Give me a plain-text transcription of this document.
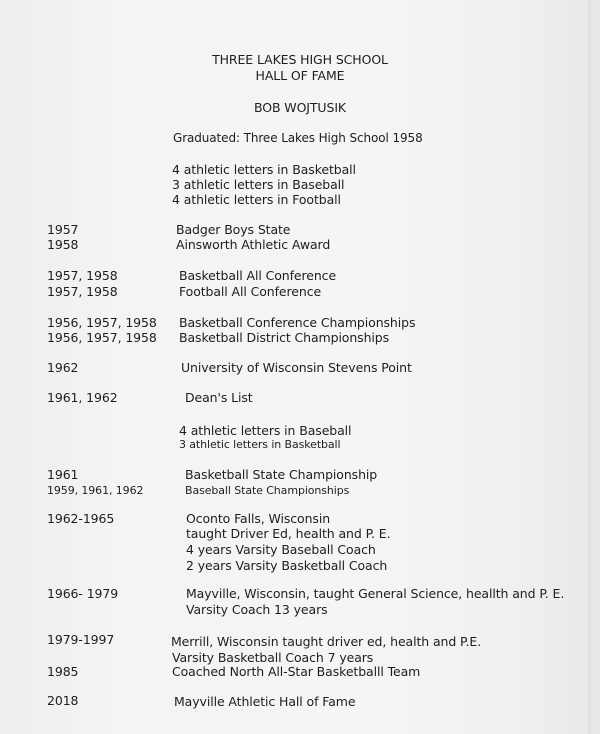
THREE LAKES HIGH SCHOOL
HALL OF FAME
BOB WOJTUSIK
Graduated: Three Lakes High School 1958
4 athletic letters in Basketball
3 athletic letters in Baseball
4 athletic letters in Football
1957	Badger Boys State
1958	Ainsworth Athletic Award
1957, 1958	Basketball All Conference
1957, 1958	Football All Conference
1956, 1957, 1958 Basketball Conference Championships
1956, 1957, 1958 Basketball District Championships
1962	University of Wisconsin Stevens Point
1961, 1962	Dean's List
4 athletic letters in Baseball
3 athletic letters in Basketball
1961	Basketball State Championship
1959, 1961, 1962	Baseball State Championships
1962-1965	Oconto Falls, Wisconsin
taught Driver Ed, health and P. E.
4 years Varsity Baseball Coach
2 years Varsity Basketball Coach
1966- 1979	Mayville, Wisconsin, taught General Science, heallth and P. E.
Varsity Coach 13 years
1979-1997	Merrill, Wisconsin taught driver ed, health and P.E.
Varsity Basketball Coach 7 years
1985	Coached North All-Star Basketballl Team
2018	Mayville Athletic Hall of Fame
